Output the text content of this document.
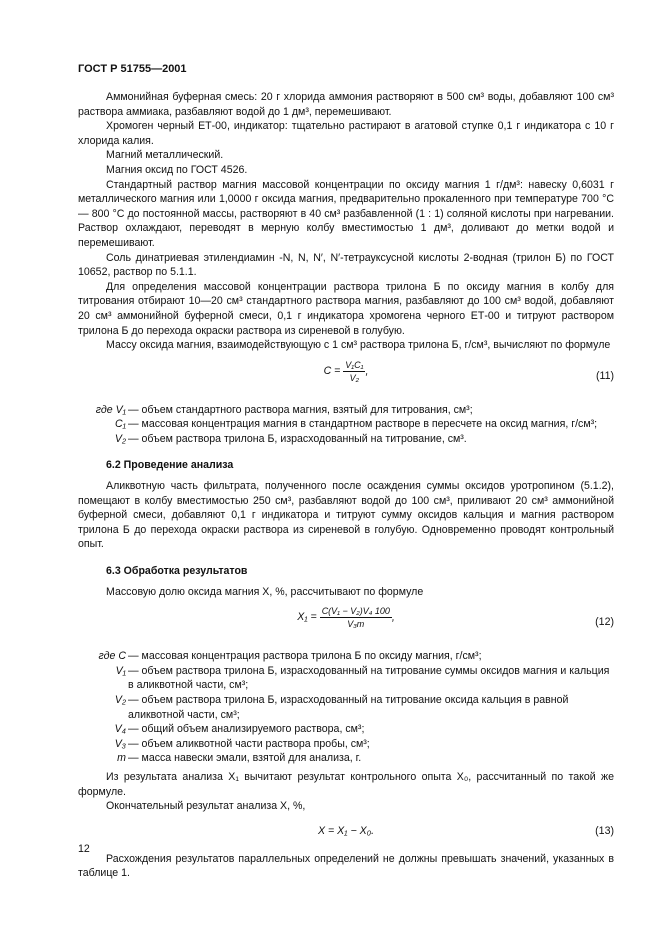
ГОСТ Р 51755—2001

Аммонийная буферная смесь: 20 г хлорида аммония растворяют в 500 см³ воды, добавляют 100 см³ раствора аммиака, разбавляют водой до 1 дм³, перемешивают.

Хромоген черный ЕТ-00, индикатор: тщательно растирают в агатовой ступке 0,1 г индикатора с 10 г хлорида калия.

Магний металлический.

Магния оксид по ГОСТ 4526.

Стандартный раствор магния массовой концентрации по оксиду магния 1 г/дм³: навеску 0,6031 г металлического магния или 1,0000 г оксида магния, предварительно прокаленного при температуре 700 °С — 800 °С до постоянной массы, растворяют в 40 см³ разбавленной (1 : 1) соляной кислоты при нагревании. Раствор охлаждают, переводят в мерную колбу вместимостью 1 дм³, доливают до метки водой и перемешивают.

Соль динатриевая этилендиамин -N, N, N′, N′-тетрауксусной кислоты 2-водная (трилон Б) по ГОСТ 10652, раствор по 5.1.1.

Для определения массовой концентрации раствора трилона Б по оксиду магния в колбу для титрования отбирают 10—20 см³ стандартного раствора магния, разбавляют до 100 см³ водой, добавляют 20 см³ аммонийной буферной смеси, 0,1 г индикатора хромогена черного ЕТ-00 и титруют раствором трилона Б до перехода окраски раствора из сиреневой в голубую.

Массу оксида магния, взаимодействующую с 1 см³ раствора трилона Б, г/см³, вычисляют по формуле

$C = \frac{\text{V₁C₁}}{\text{V₂}}$ ,	(11)
где V₁ — объем стандартного раствора магния, взятый для титрования, см³;
C₁ — массовая концентрация магния в стандартном растворе в пересчете на оксид магния, г/см³;
V₂ — объем раствора трилона Б, израсходованный на титрование, см³.
6.2 Проведение анализа

Аликвотную часть фильтрата, полученного после осаждения суммы оксидов уротропином (5.1.2), помещают в колбу вместимостью 250 см³, разбавляют водой до 100 см³, приливают 20 см³ аммонийной буферной смеси, добавляют 0,1 г индикатора и титруют сумму оксидов кальция и магния раствором трилона Б до перехода окраски раствора из сиреневой в голубую. Одновременно проводят контрольный опыт.

6.3 Обработка результатов

Массовую долю оксида магния X, %, рассчитывают по формуле

$X_1 = \frac{\text{C(V₁ − V₂)V₄ 100}}{\text{V₃m}}$ ,	(12)
где C — массовая концентрация раствора трилона Б по оксиду магния, г/см³;
V₁ — объем раствора трилона Б, израсходованный на титрование суммы оксидов магния и кальция в аликвотной части, см³;
V₂ — объем раствора трилона Б, израсходованный на титрование оксида кальция в равной аликвотной части, см³;
V₄ — общий объем анализируемого раствора, см³;
V₃ — объем аликвотной части раствора пробы, см³;
m — масса навески эмали, взятой для анализа, г.

Из результата анализа X₁ вычитают результат контрольного опыта X₀, рассчитанный по такой же формуле.

Окончательный результат анализа X, %,

X = X₁ − X₀.	(13)

Расхождения результатов параллельных определений не должны превышать значений, указанных в таблице 1.

12
